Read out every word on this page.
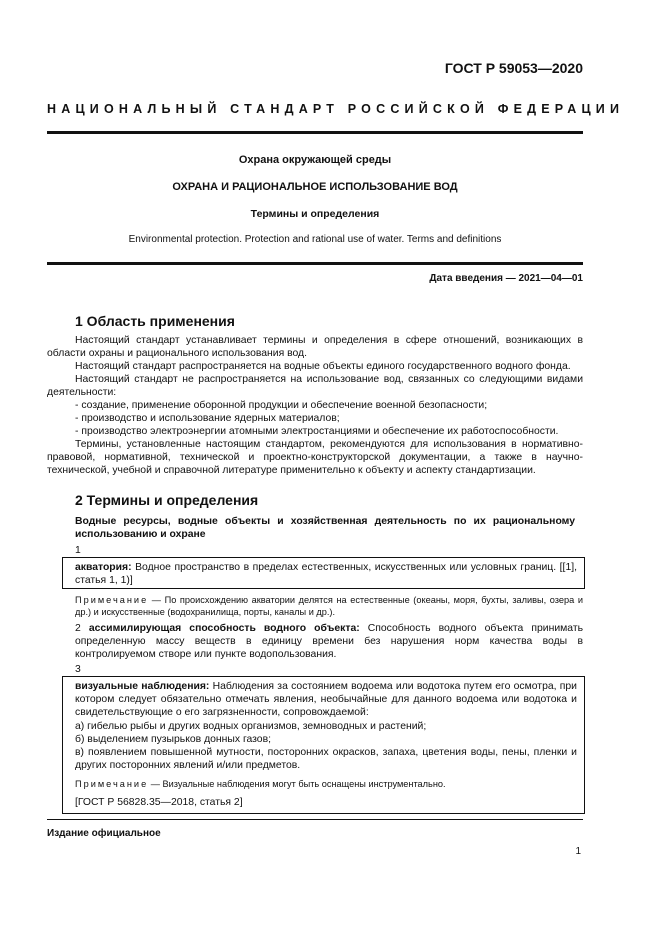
ГОСТ Р 59053—2020
НАЦИОНАЛЬНЫЙ СТАНДАРТ РОССИЙСКОЙ ФЕДЕРАЦИИ
Охрана окружающей среды
ОХРАНА И РАЦИОНАЛЬНОЕ ИСПОЛЬЗОВАНИЕ ВОД
Термины и определения
Environmental protection. Protection and rational use of water. Terms and definitions
Дата введения — 2021—04—01
1 Область применения
Настоящий стандарт устанавливает термины и определения в сфере отношений, возникающих в области охраны и рационального использования вод.
Настоящий стандарт распространяется на водные объекты единого государственного водного фонда.
Настоящий стандарт не распространяется на использование вод, связанных со следующими видами деятельности:
- создание, применение оборонной продукции и обеспечение военной безопасности;
- производство и использование ядерных материалов;
- производство электроэнергии атомными электростанциями и обеспечение их работоспособности.
Термины, установленные настоящим стандартом, рекомендуются для использования в нормативно-правовой, нормативной, технической и проектно-конструкторской документации, а также в научно-технической, учебной и справочной литературе применительно к объекту и аспекту стандартизации.
2 Термины и определения
Водные ресурсы, водные объекты и хозяйственная деятельность по их рациональному использованию и охране
1
акватория: Водное пространство в пределах естественных, искусственных или условных границ. [[1], статья 1, 1)]
Примечание — По происхождению акватории делятся на естественные (океаны, моря, бухты, заливы, озера и др.) и искусственные (водохранилища, порты, каналы и др.).
2 ассимилирующая способность водного объекта: Способность водного объекта принимать определенную массу веществ в единицу времени без нарушения норм качества воды в контролируемом створе или пункте водопользования.
3
визуальные наблюдения: Наблюдения за состоянием водоема или водотока путем его осмотра, при котором следует обязательно отмечать явления, необычайные для данного водоема или водотока и свидетельствующие о его загрязненности, сопровождаемой:
а) гибелью рыбы и других водных организмов, земноводных и растений;
б) выделением пузырьков донных газов;
в) появлением повышенной мутности, посторонних окрасков, запаха, цветения воды, пены, пленки и других посторонних явлений и/или предметов.
Примечание — Визуальные наблюдения могут быть оснащены инструментально.
[ГОСТ Р 56828.35—2018, статья 2]
Издание официальное
1
